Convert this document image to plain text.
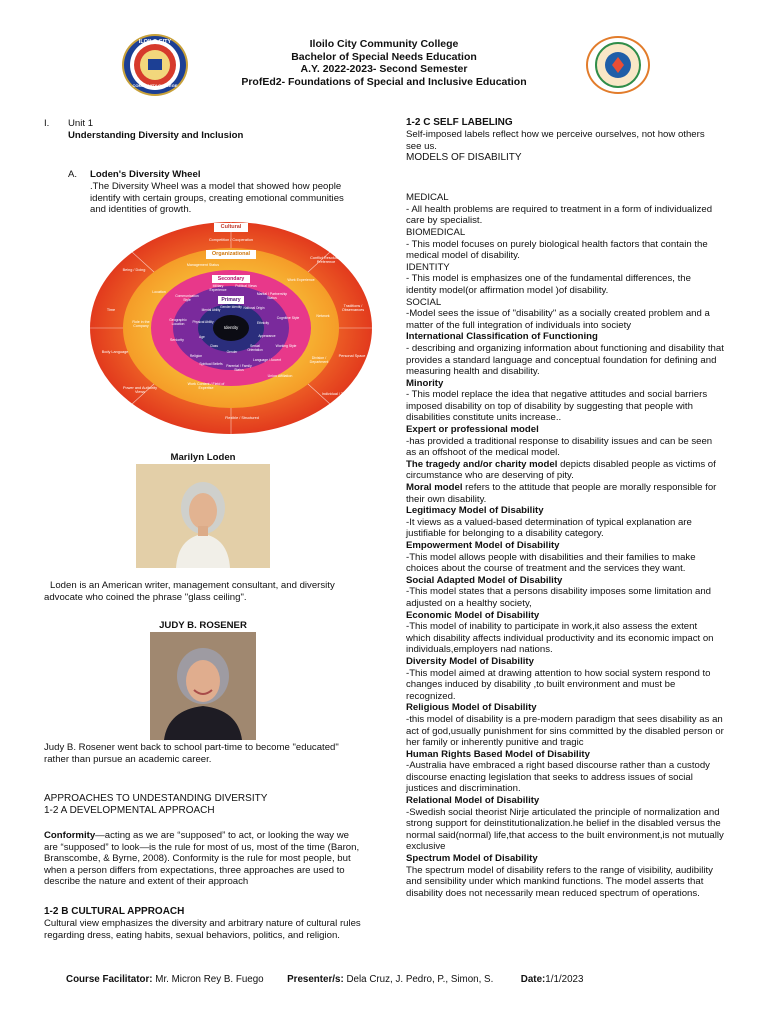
ILOILO CITY
COMMUNITY COLLEGE
Iloilo City Community College
Bachelor of Special Needs Education
A.Y. 2022-2023- Second Semester
ProfEd2- Foundations of Special and Inclusive Education
I. Unit 1
Understanding Diversity and Inclusion
A. Loden's Diversity Wheel
.The Diversity Wheel was a model that showed how people identify with certain groups, creating emotional communities and identities of growth.
Cultural
Organizational
Secondary
Primary
Identity
Competition / Cooperation
Conflict Resolution Preference
Traditions / Observances
Personal Space
Individual / Team
Flexible / Structured
Power and Authority Views
Body Language
Time
Being / Doing
Management Status
Union Affiliation
Division / Department
Network
Work Content / Field of Expertise
Location
Role in the Company
Seniority
Work Experience
Military Experience
Political Views
Marital / Partnership Status
Cognitive Style
Working Style
Language / Accent
Parental / Family Status
Spiritual Beliefs
Religion
Geographic Location
Communication Style
Gender Identity National Origin
Ethnicity
Appearance
Sexual Orientation
Gender
Class
Age
Physical Ability
Mental Ability
Marilyn Loden
Loden is an American writer, management consultant, and diversity advocate who coined the phrase "glass ceiling".
JUDY B. ROSENER
Judy B. Rosener went back to school part-time to become "educated" rather than pursue an academic career.
APPROACHES TO UNDESTANDING DIVERSITY
1-2 A DEVELOPMENTAL APPROACH
Conformity—acting as we are “supposed” to act, or looking the way we are “supposed” to look—is the rule for most of us, most of the time (Baron, Branscombe, & Byrne, 2008). Conformity is the rule for most people, but when a person differs from expectations, three approaches are used to describe the nature and extent of their approach
1-2 B CULTURAL APPROACH
Cultural view emphasizes the diversity and arbitrary nature of cultural rules regarding dress, eating habits, sexual behaviors, politics, and religion.

1-2 C SELF LABELING

Self-imposed labels reflect how we perceive ourselves, not how others see us.

MODELS OF DISABILITY

MEDICAL

- All health problems are required to treatment in a form of individualized care by specialist.

BIOMEDICAL

- This model focuses on purely biological health factors that contain the medical model of disability.

IDENTITY

- This model is emphasizes one of the fundamental differences, the identity model(or affirmation model )of disability.

SOCIAL

-Model sees the issue of "disability" as a socially created problem and a matter of the full integration of individuals into society

International Classification of Functioning

- describing and organizing information about functioning and disability that provides a standard language and conceptual foundation for defining and measuring health and disability.

Minority

- This model replace the idea that negative attitudes and social barriers imposed disability on top of disability by suggesting that people with disabilities constitute units increase..

Expert or professional model

-has provided a traditional response to disability issues and can be seen as an offshoot of the medical model.

The tragedy and/or charity model depicts disabled people as victims of circumstance who are deserving of pity.

Moral model refers to the attitude that people are morally responsible for their own disability.

Legitimacy Model of Disability

-It views as a valued-based determination of typical explanation are justifiable for belonging to a disability category.

Empowerment Model of Disability

-This model allows people with disabilities and their families to make choices about the course of treatment and the services they want.

Social Adapted Model of Disability

-This model states that a persons disability imposes some limitation and adjusted on a healthy society,

Economic Model of Disability

-This model of inability to participate in work,it also assess the extent which disability affects individual productivity and its economic impact on individuals,employers nad nations.

Diversity Model of Disability

-This model aimed at drawing attention to how social system respond to changes induced by disability ,to built environment and must be recognized.

Religious Model of Disability

-this model of disability is a pre-modern paradigm that sees disability as an act of god,usually punishment for sins committed by the disabled person or her family or inherently punitive and tragic

Human Rights Based Model of Disability

-Australia have embraced a right based discourse rather than a custody discourse enacting legislation that seeks to address issues of social justices and discrimination.

Relational Model of Disability

-Swedish social theorist Nirje articulated the principle of normalization and strong support for deinstitutionalization.he belief in the disabled versus the normal said(normal) life,that access to the built environment,is not mutually exclusive

Spectrum Model of Disability

The spectrum model of disability refers to the range of visibility, audibility and sensibility under which mankind functions. The model asserts that disability does not necessarily mean reduced spectrum of operations.

Course Facilitator: Mr. Micron Rey B. Fuego Presenter/s: Dela Cruz, J. Pedro, P., Simon, S.	Date:1/1/2023
